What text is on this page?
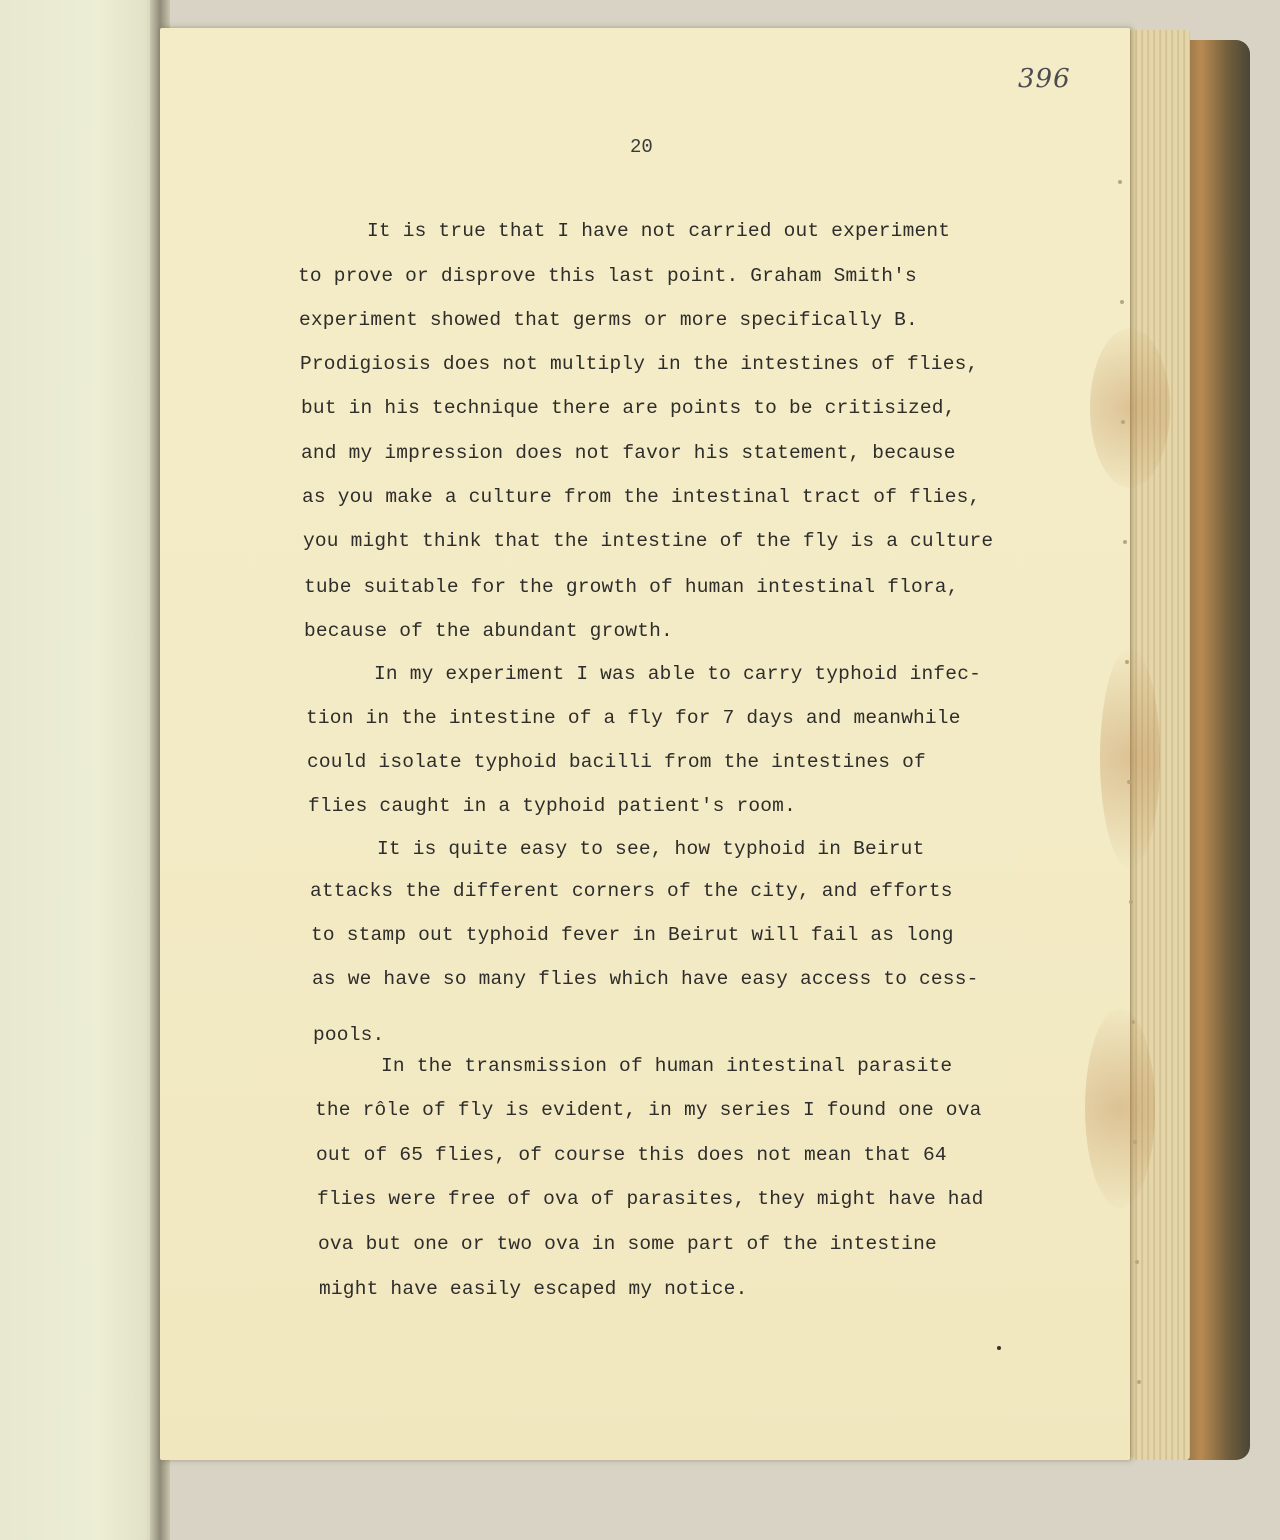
396
20
It is true that I have not carried out experiment
to prove or disprove this last point. Graham Smith's
experiment showed that germs or more specifically B.
Prodigiosis does not multiply in the intestines of flies,
but in his technique there are points to be critisized,
and my impression does not favor his statement, because
as you make a culture from the intestinal tract of flies,
you might think that the intestine of the fly is a culture
tube suitable for the growth of human intestinal flora,
because of the abundant growth.
In my experiment I was able to carry typhoid infec-
tion in the intestine of a fly for 7 days and meanwhile
could isolate typhoid bacilli from the intestines of
flies caught in a typhoid patient's room.
It is quite easy to see, how typhoid in Beirut
attacks the different corners of the city, and efforts
to stamp out typhoid fever in Beirut will fail as long
as we have so many flies which have easy access to cess-
pools.
In the transmission of human intestinal parasite
the rôle of fly is evident, in my series I found one ova
out of 65 flies, of course this does not mean that 64
flies were free of ova of parasites, they might have had
ova but one or two ova in some part of the intestine
might have easily escaped my notice.
